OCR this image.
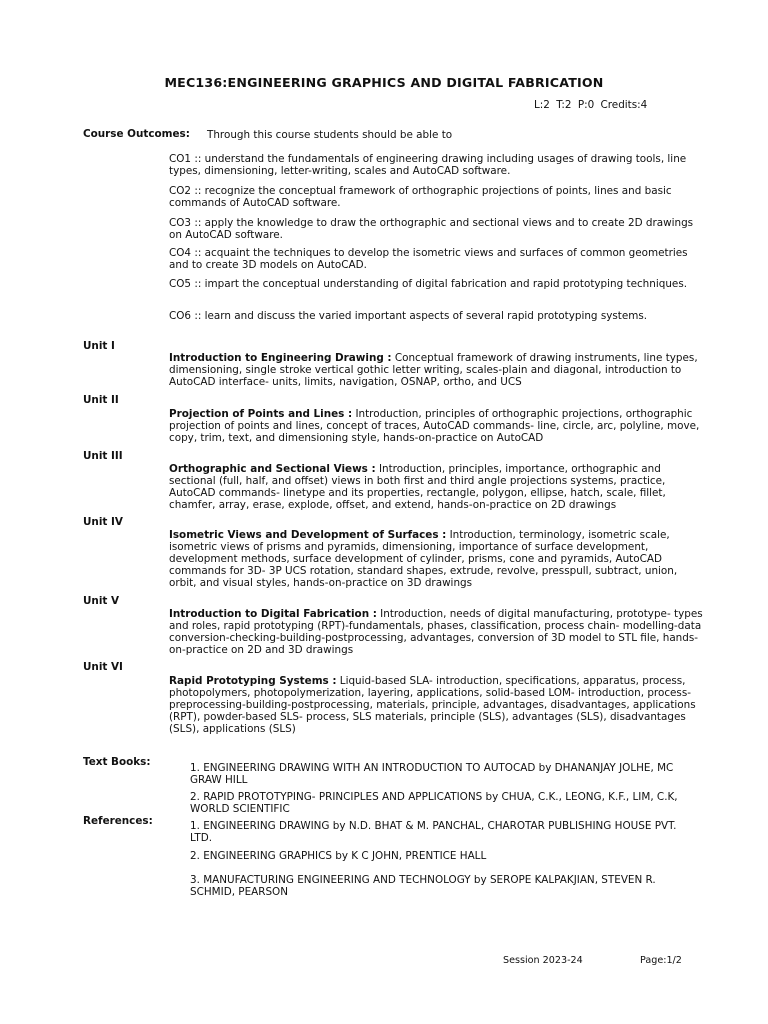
MEC136:ENGINEERING GRAPHICS AND DIGITAL FABRICATION
L:2 T:2 P:0 Credits:4
Course Outcomes: Through this course students should be able to
CO1 :: understand the fundamentals of engineering drawing including usages of drawing tools, line types, dimensioning, letter-writing, scales and AutoCAD software.
CO2 :: recognize the conceptual framework of orthographic projections of points, lines and basic commands of AutoCAD software.
CO3 :: apply the knowledge to draw the orthographic and sectional views and to create 2D drawings on AutoCAD software.
CO4 :: acquaint the techniques to develop the isometric views and surfaces of common geometries and to create 3D models on AutoCAD.
CO5 :: impart the conceptual understanding of digital fabrication and rapid prototyping techniques.
CO6 :: learn and discuss the varied important aspects of several rapid prototyping systems.
Unit I
Introduction to Engineering Drawing : Conceptual framework of drawing instruments, line types, dimensioning, single stroke vertical gothic letter writing, scales-plain and diagonal, introduction to AutoCAD interface- units, limits, navigation, OSNAP, ortho, and UCS
Unit II
Projection of Points and Lines : Introduction, principles of orthographic projections, orthographic projection of points and lines, concept of traces, AutoCAD commands- line, circle, arc, polyline, move, copy, trim, text, and dimensioning style, hands-on-practice on AutoCAD
Unit III
Orthographic and Sectional Views : Introduction, principles, importance, orthographic and sectional (full, half, and offset) views in both first and third angle projections systems, practice, AutoCAD commands- linetype and its properties, rectangle, polygon, ellipse, hatch, scale, fillet, chamfer, array, erase, explode, offset, and extend, hands-on-practice on 2D drawings
Unit IV
Isometric Views and Development of Surfaces : Introduction, terminology, isometric scale, isometric views of prisms and pyramids, dimensioning, importance of surface development, development methods, surface development of cylinder, prisms, cone and pyramids, AutoCAD commands for 3D- 3P UCS rotation, standard shapes, extrude, revolve, presspull, subtract, union, orbit, and visual styles, hands-on-practice on 3D drawings
Unit V
Introduction to Digital Fabrication : Introduction, needs of digital manufacturing, prototype- types and roles, rapid prototyping (RPT)-fundamentals, phases, classification, process chain- modelling-data conversion-checking-building-postprocessing, advantages, conversion of 3D model to STL file, hands-on-practice on 2D and 3D drawings
Unit VI
Rapid Prototyping Systems : Liquid-based SLA- introduction, specifications, apparatus, process, photopolymers, photopolymerization, layering, applications, solid-based LOM- introduction, process- preprocessing-building-postprocessing, materials, principle, advantages, disadvantages, applications (RPT), powder-based SLS- process, SLS materials, principle (SLS), advantages (SLS), disadvantages (SLS), applications (SLS)
Text Books:	1. ENGINEERING DRAWING WITH AN INTRODUCTION TO AUTOCAD by DHANANJAY JOLHE, MC GRAW HILL
2. RAPID PROTOTYPING- PRINCIPLES AND APPLICATIONS by CHUA, C.K., LEONG, K.F., LIM, C.K, WORLD SCIENTIFIC
References:	1. ENGINEERING DRAWING by N.D. BHAT & M. PANCHAL, CHAROTAR PUBLISHING HOUSE PVT. LTD.
2. ENGINEERING GRAPHICS by K C JOHN, PRENTICE HALL
3. MANUFACTURING ENGINEERING AND TECHNOLOGY by SEROPE KALPAKJIAN, STEVEN R. SCHMID, PEARSON
Session 2023-24	Page:1/2
